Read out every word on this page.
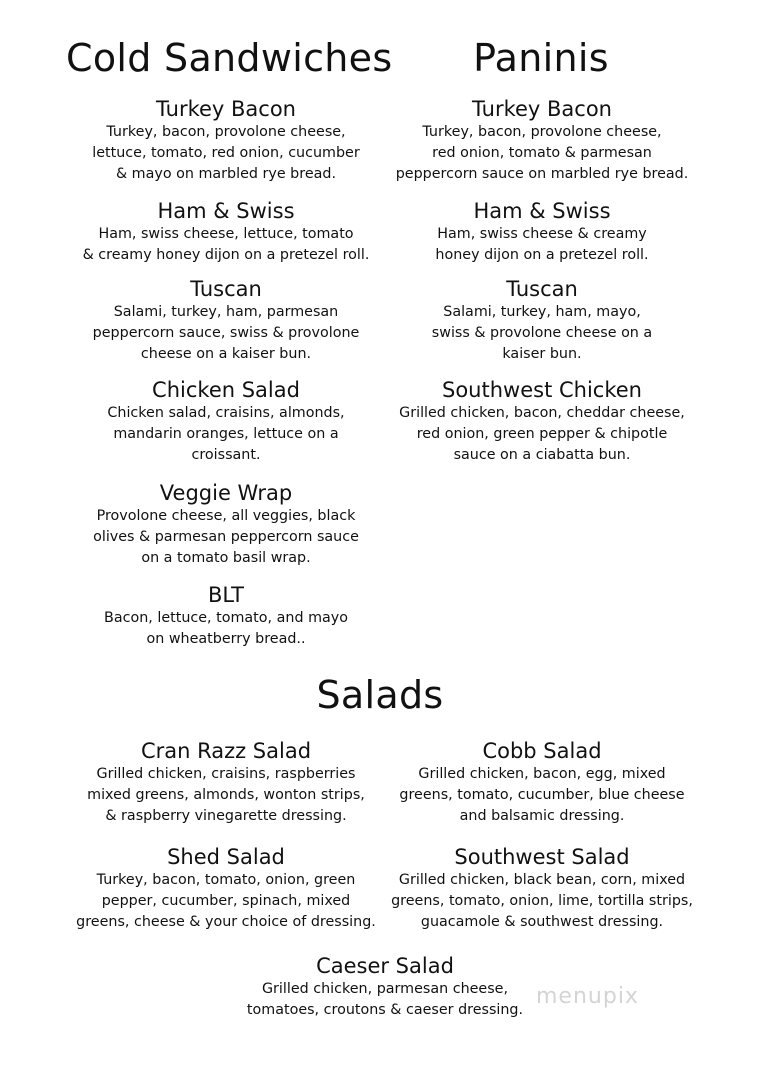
Cold Sandwiches	Paninis
Salads
Turkey Bacon
Turkey, bacon, provolone cheese,
lettuce, tomato, red onion, cucumber
& mayo on marbled rye bread.
Ham & Swiss
Ham, swiss cheese, lettuce, tomato
& creamy honey dijon on a pretezel roll.
Tuscan
Salami, turkey, ham, parmesan
peppercorn sauce, swiss & provolone
cheese on a kaiser bun.
Chicken Salad
Chicken salad, craisins, almonds,
mandarin oranges, lettuce on a
croissant.
Veggie Wrap
Provolone cheese, all veggies, black
olives & parmesan peppercorn sauce
on a tomato basil wrap.
BLT
Bacon, lettuce, tomato, and mayo
on wheatberry bread..
Turkey Bacon
Turkey, bacon, provolone cheese,
red onion, tomato & parmesan
peppercorn sauce on marbled rye bread.
Ham & Swiss
Ham, swiss cheese & creamy
honey dijon on a pretezel roll.
Tuscan
Salami, turkey, ham, mayo,
swiss & provolone cheese on a
kaiser bun.
Southwest Chicken
Grilled chicken, bacon, cheddar cheese,
red onion, green pepper & chipotle
sauce on a ciabatta bun.
Cran Razz Salad
Grilled chicken, craisins, raspberries
mixed greens, almonds, wonton strips,
& raspberry vinegarette dressing.
Cobb Salad
Grilled chicken, bacon, egg, mixed
greens, tomato, cucumber, blue cheese
and balsamic dressing.
Shed Salad
Turkey, bacon, tomato, onion, green
pepper, cucumber, spinach, mixed
greens, cheese & your choice of dressing.
Southwest Salad
Grilled chicken, black bean, corn, mixed
greens, tomato, onion, lime, tortilla strips,
guacamole & southwest dressing.
Caeser Salad
Grilled chicken, parmesan cheese,
tomatoes, croutons & caeser dressing.
menupix
